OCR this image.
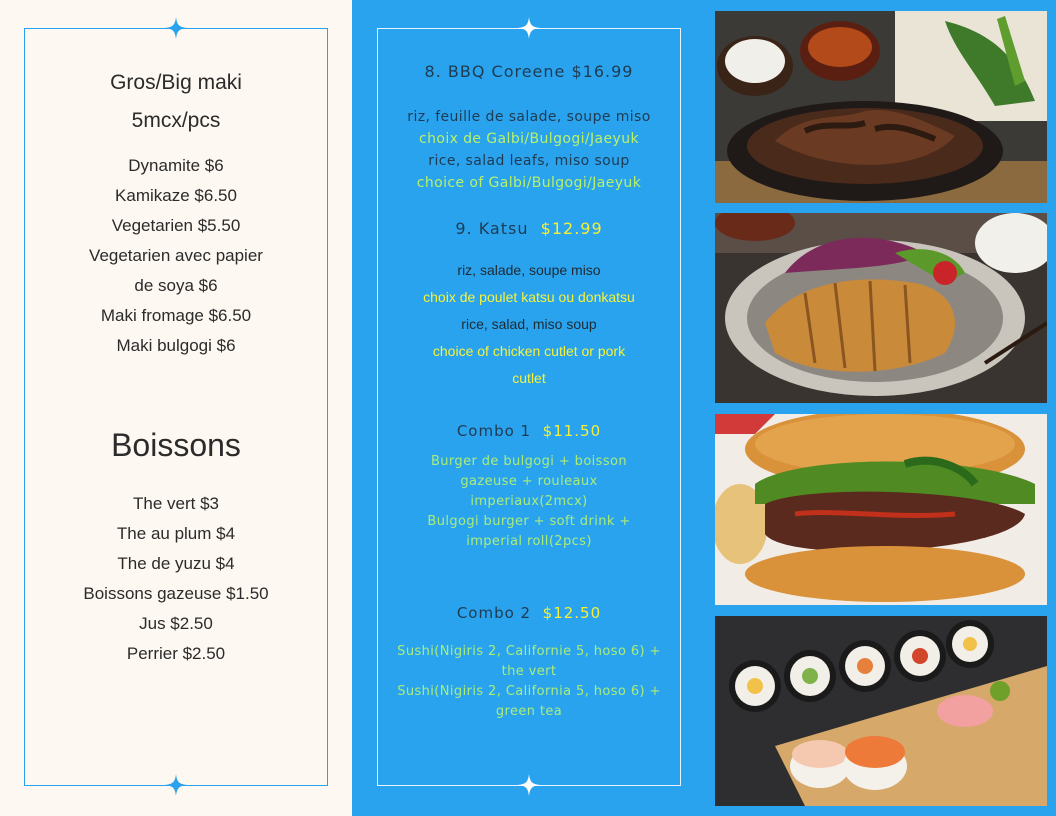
Gros/Big maki
5mcx/pcs
Dynamite $6
Kamikaze $6.50
Vegetarien $5.50
Vegetarien avec papier
de soya $6
Maki fromage $6.50
Maki bulgogi $6
Boissons
The vert $3
The au plum $4
The de yuzu $4
Boissons gazeuse $1.50
Jus $2.50
Perrier $2.50
8. BBQ Coreene $16.99
riz, feuille de salade, soupe miso
choix de Galbi/Bulgogi/Jaeyuk
rice, salad leafs, miso soup
choice of Galbi/Bulgogi/Jaeyuk
9. Katsu $12.99
riz, salade, soupe miso
choix de poulet katsu ou donkatsu
rice, salad, miso soup
choice of chicken cutlet or pork
cutlet
Combo 1 $11.50
Burger de bulgogi + boisson
gazeuse + rouleaux
imperiaux(2mcx)
Bulgogi burger + soft drink +
imperial roll(2pcs)
Combo 2 $12.50
Sushi(Nigiris 2, Californie 5, hoso 6) +
the vert
Sushi(Nigiris 2, California 5, hoso 6) +
green tea
